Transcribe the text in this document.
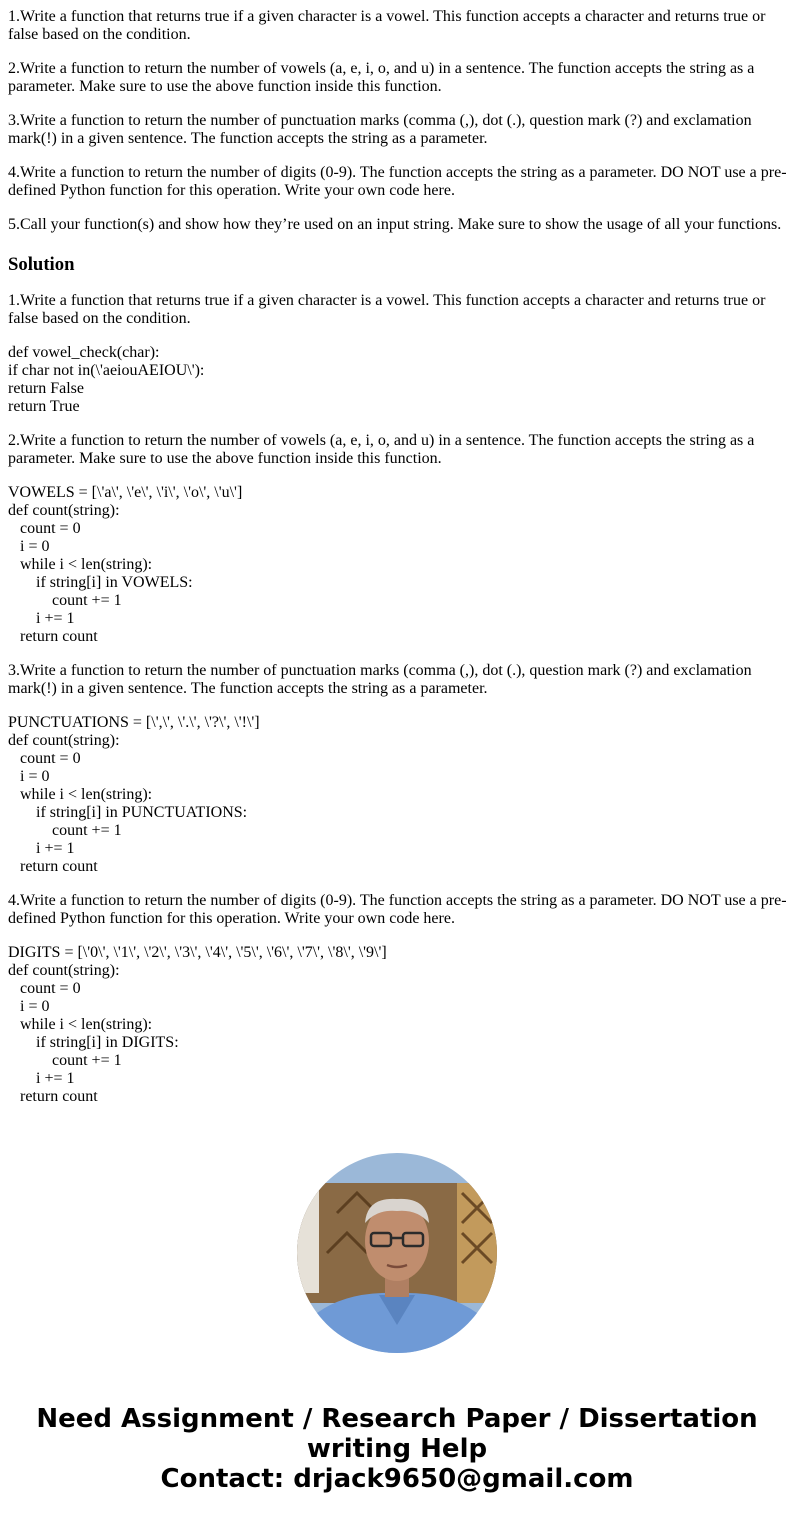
1.Write a function that returns true if a given character is a vowel. This function accepts a character and returns true or false based on the condition.
2.Write a function to return the number of vowels (a, e, i, o, and u) in a sentence. The function accepts the string as a parameter. Make sure to use the above function inside this function.
3.Write a function to return the number of punctuation marks (comma (,), dot (.), question mark (?) and exclamation mark(!) in a given sentence. The function accepts the string as a parameter.
4.Write a function to return the number of digits (0-9). The function accepts the string as a parameter. DO NOT use a pre-defined Python function for this operation. Write your own code here.
5.Call your function(s) and show how they’re used on an input string. Make sure to show the usage of all your functions.
Solution
1.Write a function that returns true if a given character is a vowel. This function accepts a character and returns true or false based on the condition.
def vowel_check(char):
if char not in(\'aeiouAEIOU\'):
return False
return True
2.Write a function to return the number of vowels (a, e, i, o, and u) in a sentence. The function accepts the string as a parameter. Make sure to use the above function inside this function.
VOWELS = [\'a\', \'e\', \'i\', \'o\', \'u\']
def count(string):
count = 0
i = 0
while i < len(string):
if string[i] in VOWELS:
count += 1
i += 1
return count
3.Write a function to return the number of punctuation marks (comma (,), dot (.), question mark (?) and exclamation mark(!) in a given sentence. The function accepts the string as a parameter.
PUNCTUATIONS = [\',\', \'.\', \'?\', \'!\']
def count(string):
count = 0
i = 0
while i < len(string):
if string[i] in PUNCTUATIONS:
count += 1
i += 1
return count
4.Write a function to return the number of digits (0-9). The function accepts the string as a parameter. DO NOT use a pre-defined Python function for this operation. Write your own code here.
DIGITS = [\'0\', \'1\', \'2\', \'3\', \'4\', \'5\', \'6\', \'7\', \'8\', \'9\']
def count(string):
count = 0
i = 0
while i < len(string):
if string[i] in DIGITS:
count += 1
i += 1
return count
Need Assignment / Research Paper / Dissertation
writing Help
Contact: drjack9650@gmail.com
